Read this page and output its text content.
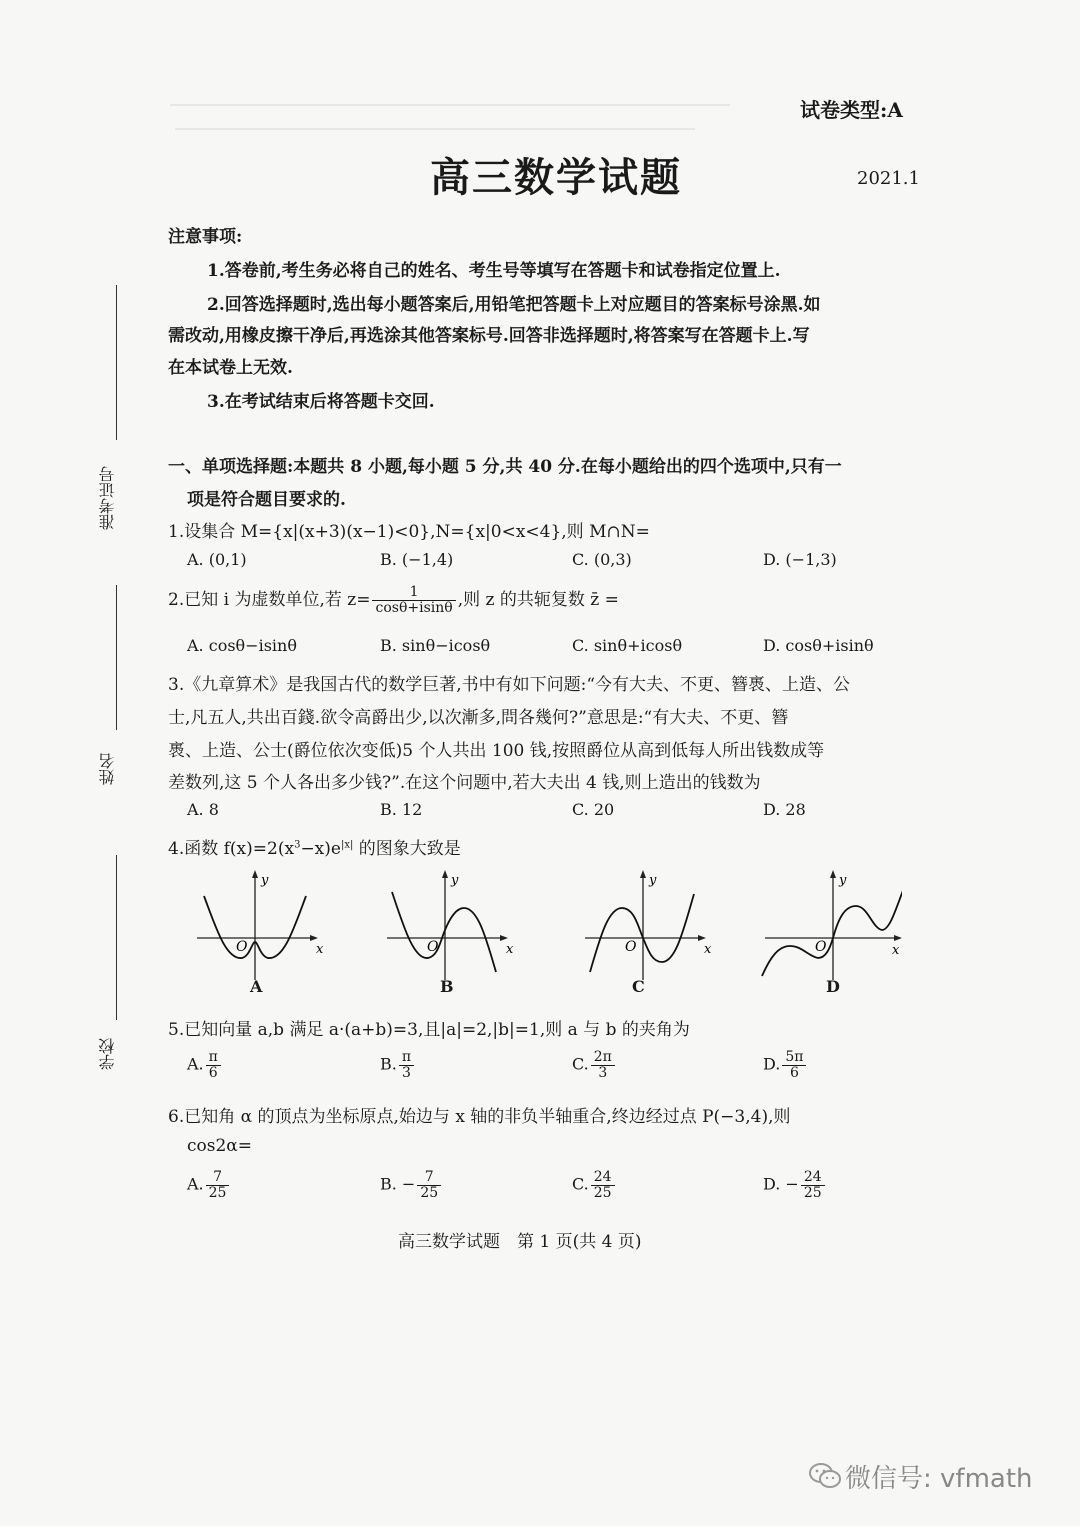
试卷类型:A
高三数学试题	2021.1
注意事项:
1.答卷前,考生务必将自己的姓名、考生号等填写在答题卡和试卷指定位置上.
2.回答选择题时,选出每小题答案后,用铅笔把答题卡上对应题目的答案标号涂黑.如
需改动,用橡皮擦干净后,再选涂其他答案标号.回答非选择题时,将答案写在答题卡上.写
在本试卷上无效.
3.在考试结束后将答题卡交回.
准考证号
姓名
学校
一、单项选择题:本题共 8 小题,每小题 5 分,共 40 分.在每小题给出的四个选项中,只有一
项是符合题目要求的.
1.设集合 M={x|(x+3)(x−1)<0},N={x|0<x<4},则 M∩N=
A. (0,1)	B. (−1,4)	C. (0,3)	D. (−1,3)
2.已知 i 为虚数单位,若 $z= \frac{1}{\cos\theta+isin\theta}$ ,则 z 的共轭复数 z̄ =
A. cosθ−isinθ	B. sinθ−icosθ	C. sinθ+icosθ	D. cosθ+isinθ
3.《九章算术》是我国古代的数学巨著,书中有如下问题:“今有大夫、不更、簪褭、上造、公
士,凡五人,共出百錢.欲令高爵出少,以次漸多,問各幾何?”意思是:“有大夫、不更、簪
褭、上造、公士(爵位依次变低)5 个人共出 100 钱,按照爵位从高到低每人所出钱数成等
差数列,这 5 个人各出多少钱?”.在这个问题中,若大夫出 4 钱,则上造出的钱数为
A. 8	B. 12	C. 20	D. 28
4.函数 $f(x)=2(x^3-x)e^{|x|}$ 的图象大致是
O	x
y
A
O	x
y
B
O	x
y
C
O	x
y
D
5.已知向量 a,b 满足 a·(a+b)=3,且|a|=2,|b|=1,则 a 与 b 的夹角为
A. $\frac{\pi}{6}$	B. $\frac{\pi}{3}$	C. $\frac{2\pi}{3}$	D. $\frac{5\pi}{6}$
6.已知角 α 的顶点为坐标原点,始边与 x 轴的非负半轴重合,终边经过点 P(−3,4),则
cos2α=
A. $\frac{7}{25}$	B. − $\frac{7}{25}$	C. $\frac{24}{25}$	D. − $\frac{24}{25}$
高三数学试题　第 1 页(共 4 页)
微信号: vfmath
